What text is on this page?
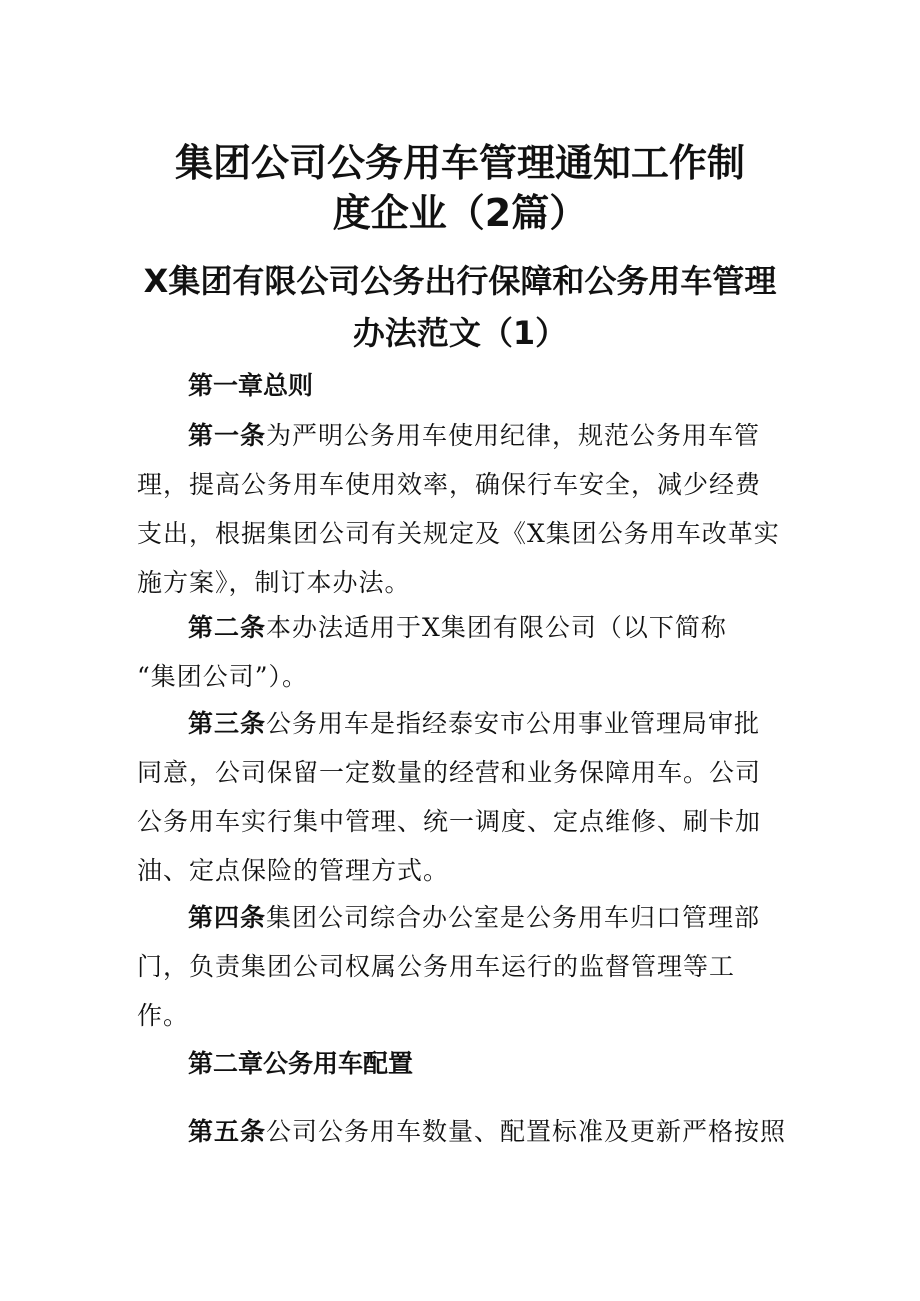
集团公司公务用车管理通知工作制
度企业（2篇）
X集团有限公司公务出行保障和公务用车管理
办法范文（1）
第一章总则
第一条为严明公务用车使用纪律，规范公务用车管
理，提高公务用车使用效率，确保行车安全，减少经费
支出，根据集团公司有关规定及《X集团公务用车改革实
施方案》，制订本办法。
第二条本办法适用于X集团有限公司（以下简称
“集团公司”）。
第三条公务用车是指经泰安市公用事业管理局审批
同意，公司保留一定数量的经营和业务保障用车。公司
公务用车实行集中管理、统一调度、定点维修、刷卡加
油、定点保险的管理方式。
第四条集团公司综合办公室是公务用车归口管理部
门，负责集团公司权属公务用车运行的监督管理等工
作。
第二章公务用车配置
第五条公司公务用车数量、配置标准及更新严格按照
